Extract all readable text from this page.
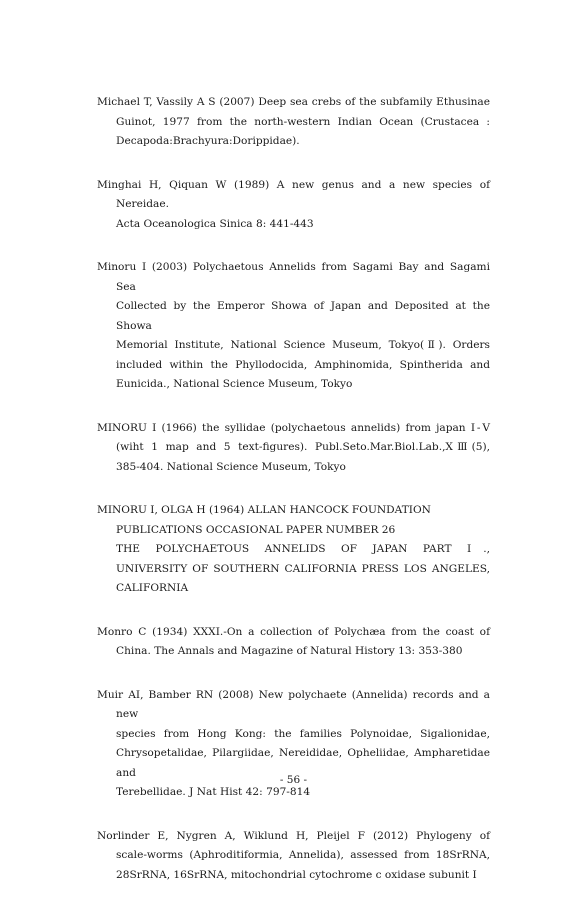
Michael T, Vassily A S (2007) Deep sea crebs of the subfamily Ethusinae
Guinot, 1977 from the north-western Indian Ocean (Crustacea :
Decapoda:Brachyura:Dorippidae).
Minghai H, Qiquan W (1989) A new genus and a new species of Nereidae.
Acta Oceanologica Sinica 8: 441-443
Minoru I (2003) Polychaetous Annelids from Sagami Bay and Sagami Sea
Collected by the Emperor Showa of Japan and Deposited at the Showa
Memorial Institute, National Science Museum, Tokyo(Ⅱ). Orders
included within the Phyllodocida, Amphinomida, Spintherida and
Eunicida., National Science Museum, Tokyo
MINORU I (1966) the syllidae (polychaetous annelids) from japan Ⅰ-Ⅴ
(wiht 1 map and 5 text-figures). Publ.Seto.Mar.Biol.Lab.,XⅢ(5),
385-404. National Science Museum, Tokyo
MINORU I, OLGA H (1964) ALLAN HANCOCK FOUNDATION
PUBLICATIONS OCCASIONAL PAPER NUMBER 26
THE POLYCHAETOUS ANNELIDS OF JAPAN PART Ⅰ.,
UNIVERSITY OF SOUTHERN CALIFORNIA PRESS LOS ANGELES,
CALIFORNIA
Monro C (1934) XXXI.-On a collection of Polychæa from the coast of
China. The Annals and Magazine of Natural History 13: 353-380
Muir AI, Bamber RN (2008) New polychaete (Annelida) records and a new
species from Hong Kong: the families Polynoidae, Sigalionidae,
Chrysopetalidae, Pilargiidae, Nereididae, Opheliidae, Ampharetidae and
Terebellidae. J Nat Hist 42: 797-814
Norlinder E, Nygren A, Wiklund H, Pleijel F (2012) Phylogeny of
scale-worms (Aphroditiformia, Annelida), assessed from 18SrRNA,
28SrRNA, 16SrRNA, mitochondrial cytochrome c oxidase subunit I
- 56 -
